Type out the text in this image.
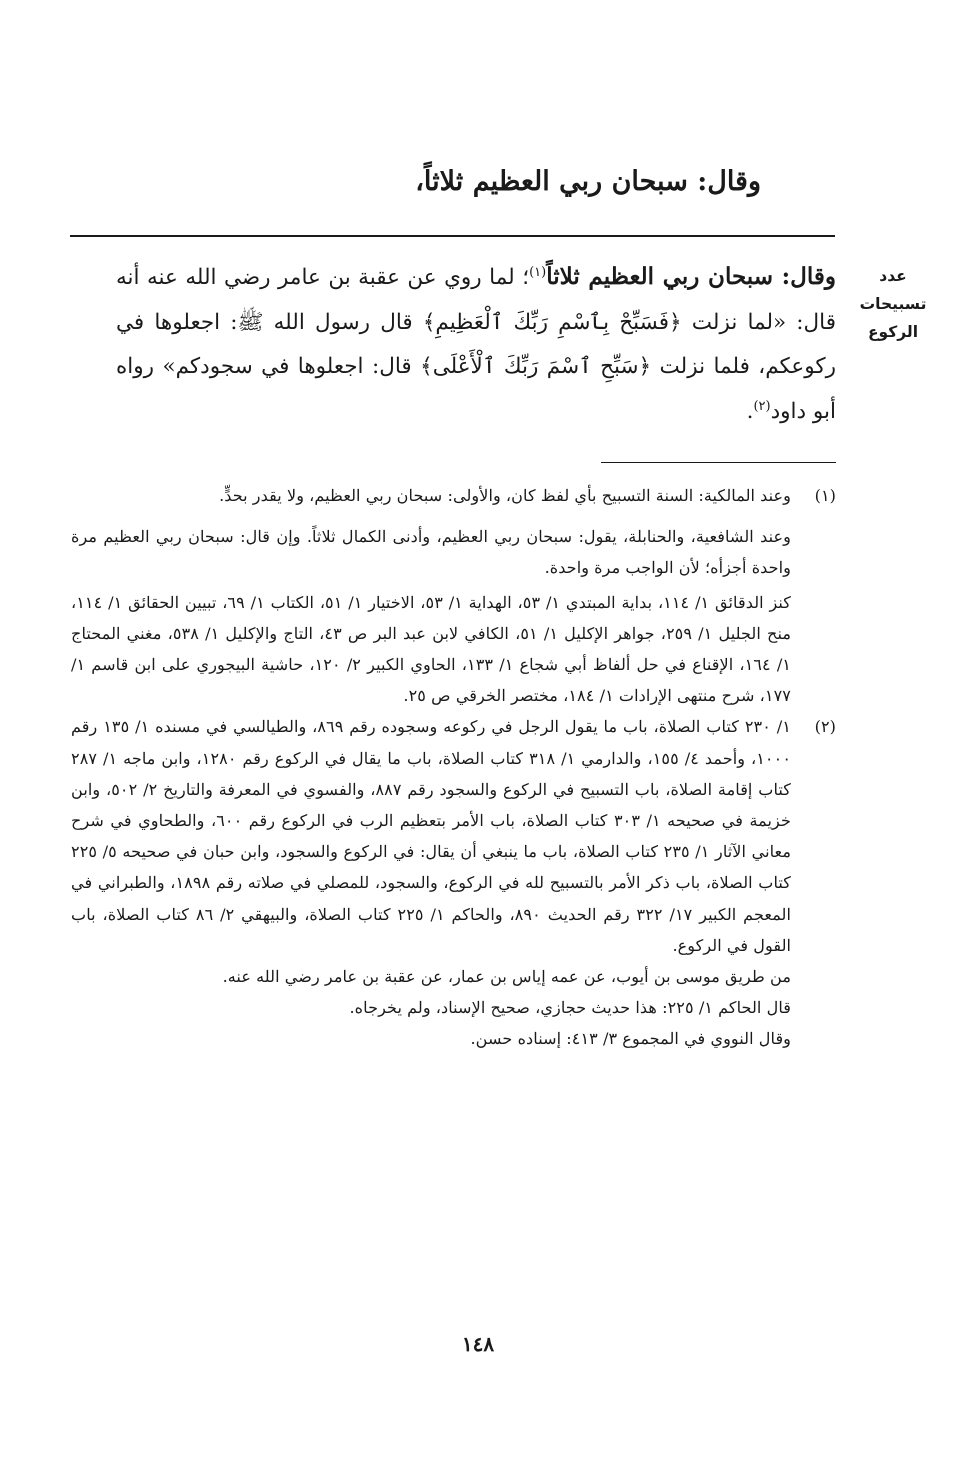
وقال: سبحان ربي العظيم ثلاثاً،
عدد
تسبيحات
الركوع
وقال: سبحان ربي العظيم ثلاثاً$^{(١)}$؛ لما روي عن عقبة بن عامر رضي الله عنه أنه قال: «لما نزلت ﴿فَسَبِّحْ بِٱسْمِ رَبِّكَ ٱلْعَظِيمِ﴾ قال رسول الله ﷺ: اجعلوها في ركوعكم، فلما نزلت ﴿سَبِّحِ ٱسْمَ رَبِّكَ ٱلْأَعْلَى﴾ قال: اجعلوها في سجودكم» رواه أبو داود$^{(٢)}$.
(١)
وعند المالكية: السنة التسبيح بأي لفظ كان، والأولى: سبحان ربي العظيم، ولا يقدر بحدٍّ.
وعند الشافعية، والحنابلة، يقول: سبحان ربي العظيم، وأدنى الكمال ثلاثاً. وإن قال: سبحان ربي العظيم مرة واحدة أجزأه؛ لأن الواجب مرة واحدة.
كنز الدقائق ١/ ١١٤، بداية المبتدي ١/ ٥٣، الهداية ١/ ٥٣، الاختيار ١/ ٥١، الكتاب ١/ ٦٩، تبيين الحقائق ١/ ١١٤، منح الجليل ١/ ٢٥٩، جواهر الإكليل ١/ ٥١، الكافي لابن عبد البر ص ٤٣، التاج والإكليل ١/ ٥٣٨، مغني المحتاج ١/ ١٦٤، الإقناع في حل ألفاظ أبي شجاع ١/ ١٣٣، الحاوي الكبير ٢/ ١٢٠، حاشية البيجوري على ابن قاسم ١/ ١٧٧، شرح منتهى الإرادات ١/ ١٨٤، مختصر الخرقي ص ٢٥.
(٢)
١/ ٢٣٠ كتاب الصلاة، باب ما يقول الرجل في ركوعه وسجوده رقم ٨٦٩، والطيالسي في مسنده ١/ ١٣٥ رقم ١٠٠٠، وأحمد ٤/ ١٥٥، والدارمي ١/ ٣١٨ كتاب الصلاة، باب ما يقال في الركوع رقم ١٢٨٠، وابن ماجه ١/ ٢٨٧ كتاب إقامة الصلاة، باب التسبيح في الركوع والسجود رقم ٨٨٧، والفسوي في المعرفة والتاريخ ٢/ ٥٠٢، وابن خزيمة في صحيحه ١/ ٣٠٣ كتاب الصلاة، باب الأمر بتعظيم الرب في الركوع رقم ٦٠٠، والطحاوي في شرح معاني الآثار ١/ ٢٣٥ كتاب الصلاة، باب ما ينبغي أن يقال: في الركوع والسجود، وابن حبان في صحيحه ٥/ ٢٢٥ كتاب الصلاة، باب ذكر الأمر بالتسبيح لله في الركوع، والسجود، للمصلي في صلاته رقم ١٨٩٨، والطبراني في المعجم الكبير ١٧/ ٣٢٢ رقم الحديث ٨٩٠، والحاكم ١/ ٢٢٥ كتاب الصلاة، والبيهقي ٢/ ٨٦ كتاب الصلاة، باب القول في الركوع.
من طريق موسى بن أيوب، عن عمه إياس بن عمار، عن عقبة بن عامر رضي الله عنه.
قال الحاكم ١/ ٢٢٥: هذا حديث حجازي، صحيح الإسناد، ولم يخرجاه.
وقال النووي في المجموع ٣/ ٤١٣: إسناده حسن.
١٤٨
